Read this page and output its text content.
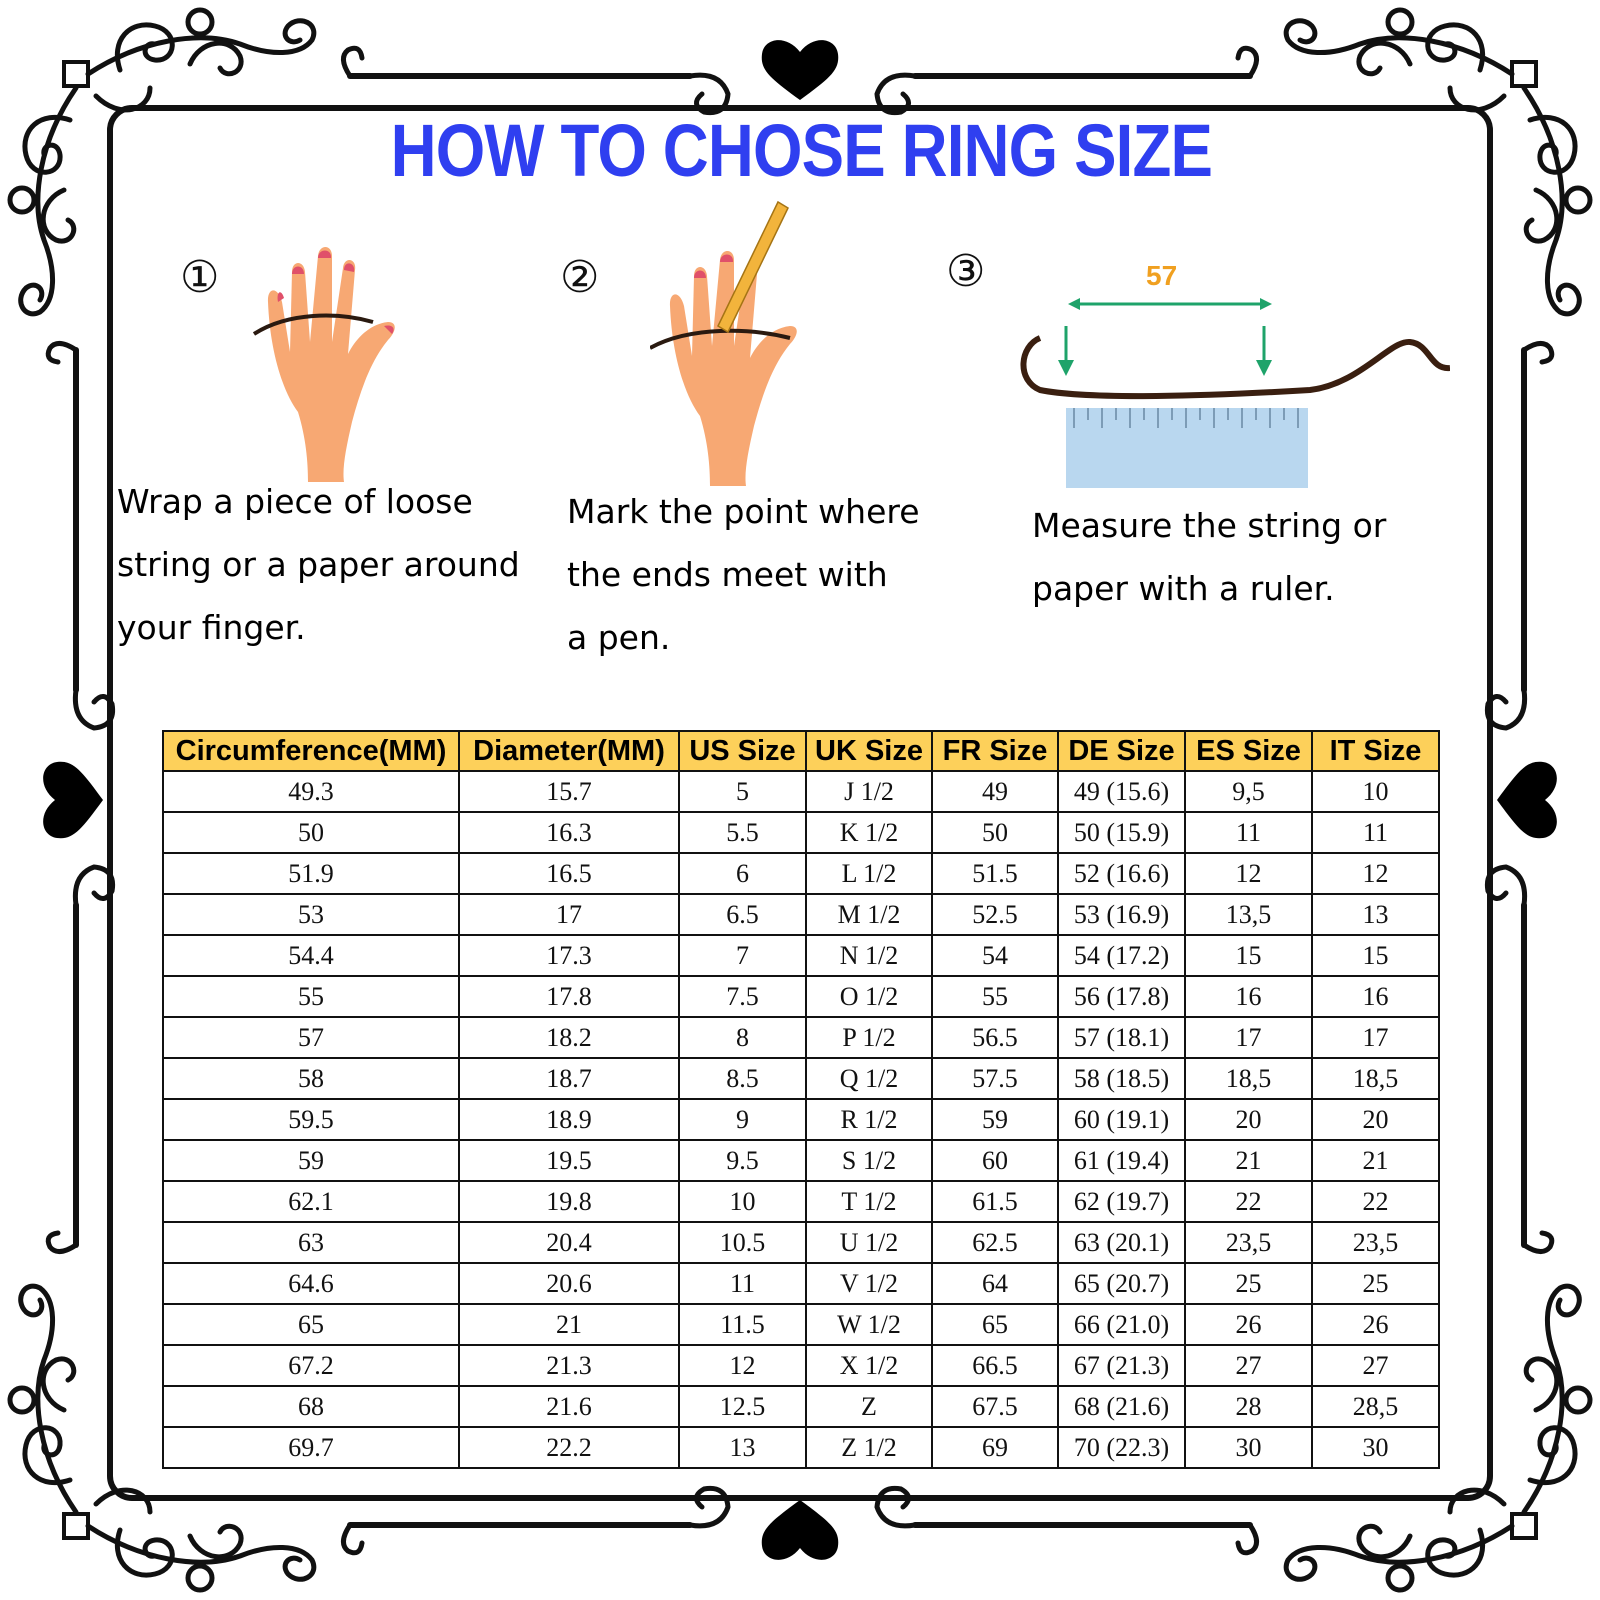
HOW TO CHOSE RING SIZE
①
Wrap a piece of loose
string or a paper around
your finger.
②
Mark the point where
the ends meet with
a pen.
③	57
Measure the string or
paper with a ruler.
Circumference(MM)	Diameter(MM)	US Size	UK Size	FR Size	DE Size	ES Size	IT Size
49.3	15.7	5	J 1/2	49	49 (15.6)	9,5	10
50	16.3	5.5	K 1/2	50	50 (15.9)	11	11
51.9	16.5	6	L 1/2	51.5	52 (16.6)	12	12
53	17	6.5	M 1/2	52.5	53 (16.9)	13,5	13
54.4	17.3	7	N 1/2	54	54 (17.2)	15	15
55	17.8	7.5	O 1/2	55	56 (17.8)	16	16
57	18.2	8	P 1/2	56.5	57 (18.1)	17	17
58	18.7	8.5	Q 1/2	57.5	58 (18.5)	18,5	18,5
59.5	18.9	9	R 1/2	59	60 (19.1)	20	20
59	19.5	9.5	S 1/2	60	61 (19.4)	21	21
62.1	19.8	10	T 1/2	61.5	62 (19.7)	22	22
63	20.4	10.5	U 1/2	62.5	63 (20.1)	23,5	23,5
64.6	20.6	11	V 1/2	64	65 (20.7)	25	25
65	21	11.5	W 1/2	65	66 (21.0)	26	26
67.2	21.3	12	X 1/2	66.5	67 (21.3)	27	27
68	21.6	12.5	Z	67.5	68 (21.6)	28	28,5
69.7	22.2	13	Z 1/2	69	70 (22.3)	30	30
